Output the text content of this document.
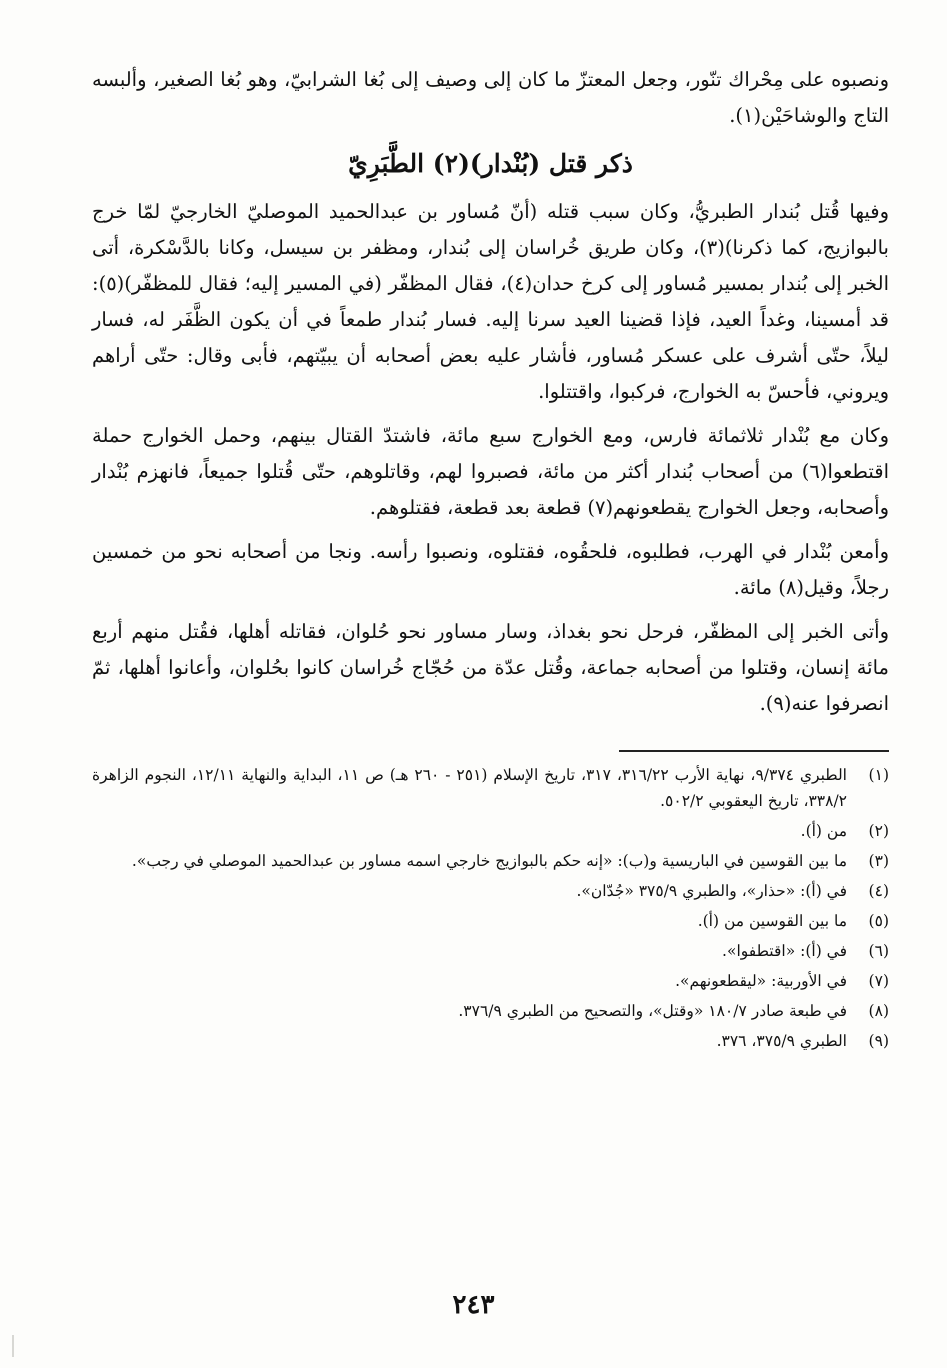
ونصبوه على مِحْراك تنّور، وجعل المعتزّ ما كان إلى وصيف إلى بُغا الشرابيّ، وهو بُغا الصغير، وألبسه التاج والوشاحَيْن(١).

ذكر قتل (بُنْدار)(٢) الطَّبَرِيّ

وفيها قُتل بُندار الطبريُّ، وكان سبب قتله (أنّ مُساور بن عبدالحميد الموصليّ الخارجيّ لمّا خرج بالبوازيج، كما ذكرنا)(٣)، وكان طريق خُراسان إلى بُندار، ومظفر بن سيسل، وكانا بالدَّسْكرة، أتى الخبر إلى بُندار بمسير مُساور إلى كرخ حدان(٤)، فقال المظفّر (في المسير إليه؛ فقال للمظفّر)(٥): قد أمسينا، وغداً العيد، فإذا قضينا العيد سرنا إليه. فسار بُندار طمعاً في أن يكون الظَّفَر له، فسار ليلاً، حتّى أشرف على عسكر مُساور، فأشار عليه بعض أصحابه أن يبيّتهم، فأبى وقال: حتّى أراهم ويروني، فأحسّ به الخوارج، فركبوا، واقتتلوا.

وكان مع بُنْدار ثلاثمائة فارس، ومع الخوارج سبع مائة، فاشتدّ القتال بينهم، وحمل الخوارج حملة اقتطعوا(٦) من أصحاب بُندار أكثر من مائة، فصبروا لهم، وقاتلوهم، حتّى قُتلوا جميعاً، فانهزم بُنْدار وأصحابه، وجعل الخوارج يقطعونهم(٧) قطعة بعد قطعة، فقتلوهم.

وأمعن بُنْدار في الهرب، فطلبوه، فلحقُوه، فقتلوه، ونصبوا رأسه. ونجا من أصحابه نحو من خمسين رجلاً، وقيل(٨) مائة.

وأتى الخبر إلى المظفّر، فرحل نحو بغداذ، وسار مساور نحو حُلوان، فقاتله أهلها، فقُتل منهم أربع مائة إنسان، وقتلوا من أصحابه جماعة، وقُتل عدّة من حُجّاج خُراسان كانوا بحُلوان، وأعانوا أهلها، ثمّ انصرفوا عنه(٩).

(١)
الطبري ٩/٣٧٤، نهاية الأرب ٣١٦/٢٢، ٣١٧، تاريخ الإسلام (٢٥١ - ٢٦٠ هـ) ص ١١، البداية والنهاية ١٢/١١، النجوم الزاهرة ٣٣٨/٢، تاريخ اليعقوبي ٥٠٢/٢.
(٢)
من (أ).
(٣)
ما بين القوسين في الباريسية و(ب): «إنه حكم بالبوازيج خارجي اسمه مساور بن عبدالحميد الموصلي في رجب».
(٤)
في (أ): «حذار»، والطبري ٣٧٥/٩ «جُدّان».
(٥)
ما بين القوسين من (أ).
(٦)
في (أ): «اقتطفوا».
(٧)
في الأوربية: «ليقطعونهم».
(٨)
في طبعة صادر ١٨٠/٧ «وقتل»، والتصحيح من الطبري ٣٧٦/٩.
(٩)
الطبري ٣٧٥/٩، ٣٧٦.
٢٤٣
